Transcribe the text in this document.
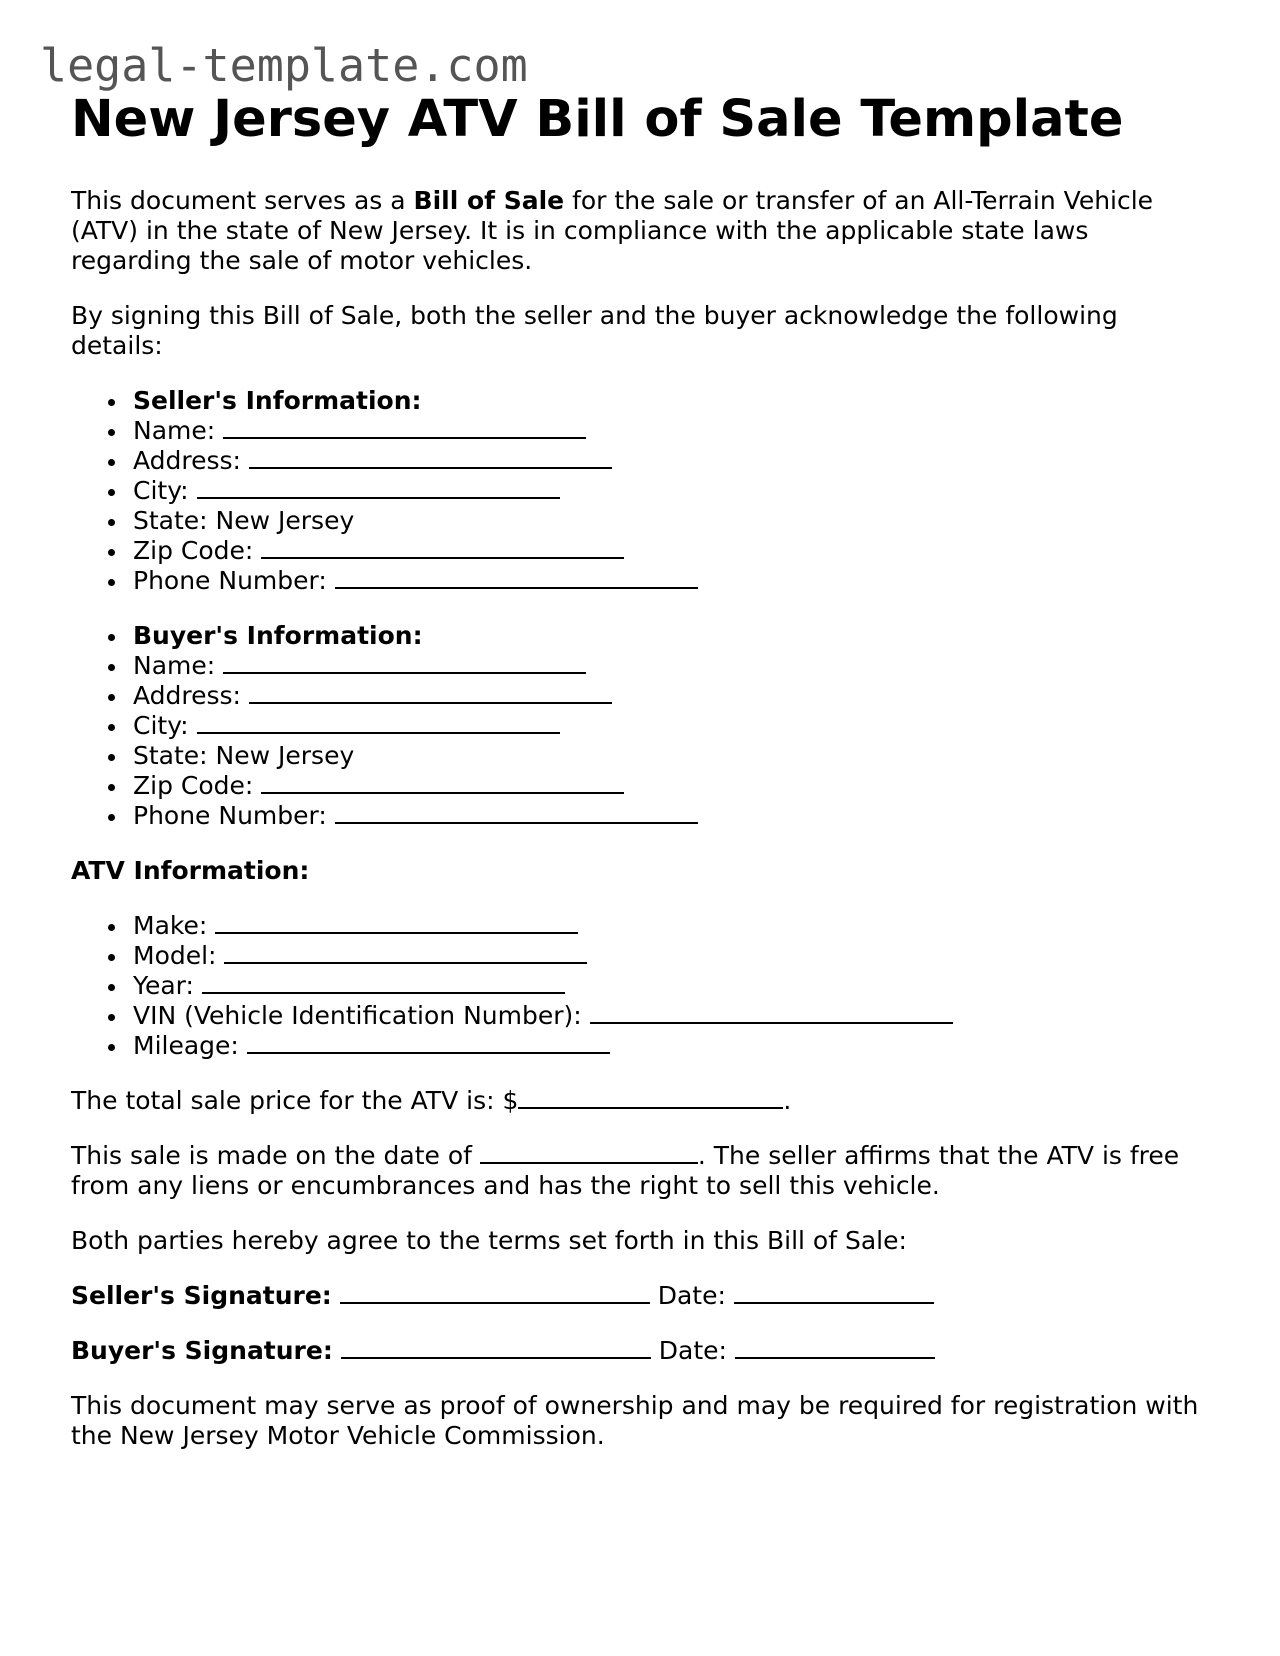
legal-template.com
New Jersey ATV Bill of Sale Template

This document serves as a Bill of Sale for the sale or transfer of an All-Terrain Vehicle (ATV) in the state of New Jersey. It is in compliance with the applicable state laws regarding the sale of motor vehicles.

By signing this Bill of Sale, both the seller and the buyer acknowledge the following details:

Seller's Information:
Name:
Address:
City:
State: New Jersey
Zip Code:
Phone Number:
Buyer's Information:
Name:
Address:
City:
State: New Jersey
Zip Code:
Phone Number:

ATV Information:

Make:
Model:
Year:
VIN (Vehicle Identification Number):
Mileage:

The total sale price for the ATV is: $	.

This sale is made on the date of	. The seller affirms that the ATV is free from any liens or encumbrances and has the right to sell this vehicle.

Both parties hereby agree to the terms set forth in this Bill of Sale:

Seller's Signature:	Date:

Buyer's Signature:	Date:

This document may serve as proof of ownership and may be required for registration with the New Jersey Motor Vehicle Commission.
